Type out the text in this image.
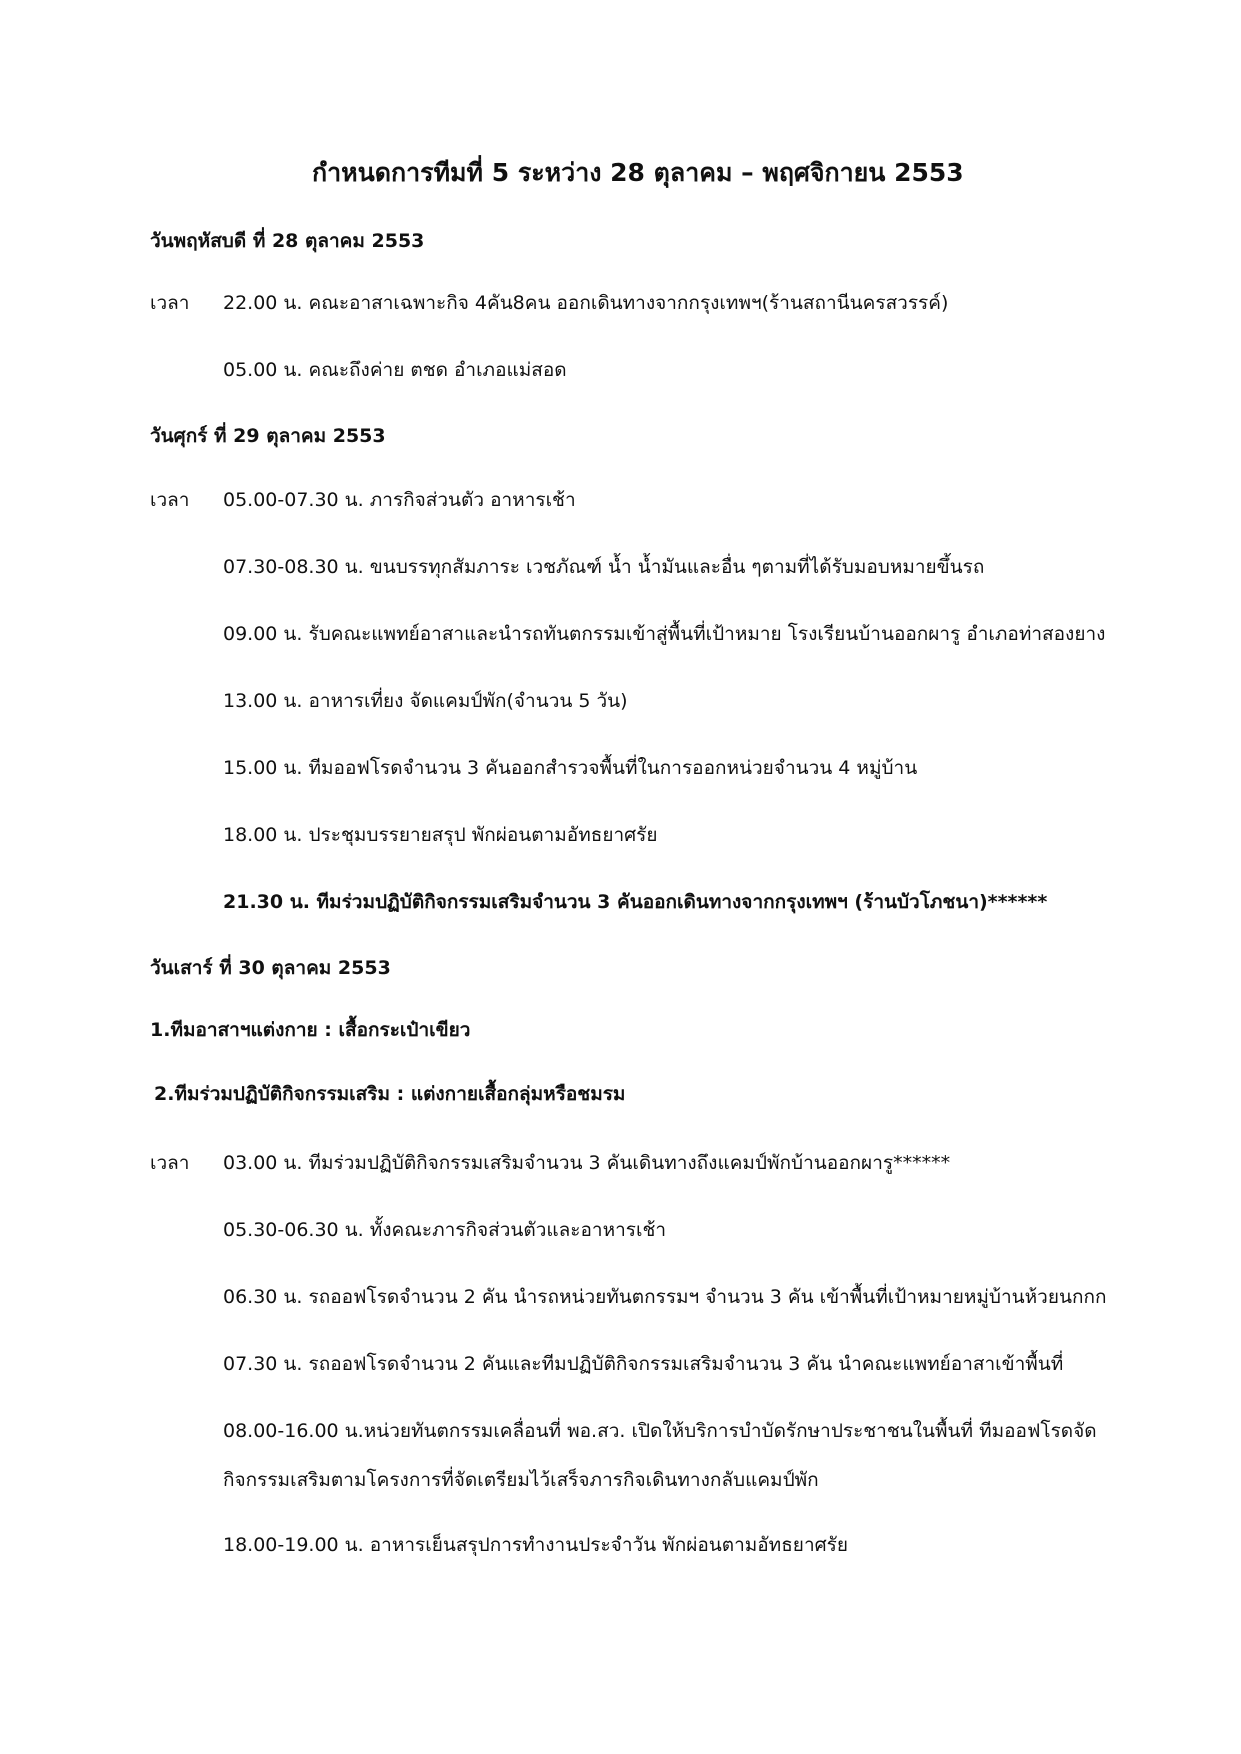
กำหนดการทีมที่ 5 ระหว่าง 28 ตุลาคม – พฤศจิกายน 2553
วันพฤหัสบดี ที่ 28 ตุลาคม 2553
เวลา 22.00 น. คณะอาสาเฉพาะกิจ 4คัน8คน ออกเดินทางจากกรุงเทพฯ(ร้านสถานีนครสวรรค์)
05.00 น. คณะถึงค่าย ตชด อำเภอแม่สอด
วันศุกร์ ที่ 29 ตุลาคม 2553
เวลา 05.00-07.30 น. ภารกิจส่วนตัว อาหารเช้า
07.30-08.30 น. ขนบรรทุกสัมภาระ เวชภัณฑ์ น้ำ น้ำมันและอื่น ๆตามที่ได้รับมอบหมายขึ้นรถ
09.00 น. รับคณะแพทย์อาสาและนำรถทันตกรรมเข้าสู่พื้นที่เป้าหมาย โรงเรียนบ้านออกผารู อำเภอท่าสองยาง
13.00 น. อาหารเที่ยง จัดแคมป์พัก(จำนวน 5 วัน)
15.00 น. ทีมออฟโรดจำนวน 3 คันออกสำรวจพื้นที่ในการออกหน่วยจำนวน 4 หมู่บ้าน
18.00 น. ประชุมบรรยายสรุป พักผ่อนตามอัทธยาศรัย
21.30 น. ทีมร่วมปฏิบัติกิจกรรมเสริมจำนวน 3 คันออกเดินทางจากกรุงเทพฯ (ร้านบัวโภชนา)******
วันเสาร์ ที่ 30 ตุลาคม 2553
1.ทีมอาสาฯแต่งกาย : เสื้อกระเป๋าเขียว
2.ทีมร่วมปฏิบัติกิจกรรมเสริม : แต่งกายเสื้อกลุ่มหรือชมรม
เวลา 03.00 น. ทีมร่วมปฏิบัติกิจกรรมเสริมจำนวน 3 คันเดินทางถึงแคมป์พักบ้านออกผารู******
05.30-06.30 น. ทั้งคณะภารกิจส่วนตัวและอาหารเช้า
06.30 น. รถออฟโรดจำนวน 2 คัน นำรถหน่วยทันตกรรมฯ จำนวน 3 คัน เข้าพื้นที่เป้าหมายหมู่บ้านห้วยนกกก
07.30 น. รถออฟโรดจำนวน 2 คันและทีมปฏิบัติกิจกรรมเสริมจำนวน 3 คัน นำคณะแพทย์อาสาเข้าพื้นที่
08.00-16.00 น.หน่วยทันตกรรมเคลื่อนที่ พอ.สว. เปิดให้บริการบำบัดรักษาประชาชนในพื้นที่ ทีมออฟโรดจัด
กิจกรรมเสริมตามโครงการที่จัดเตรียมไว้เสร็จภารกิจเดินทางกลับแคมป์พัก
18.00-19.00 น. อาหารเย็นสรุปการทำงานประจำวัน พักผ่อนตามอัทธยาศรัย
